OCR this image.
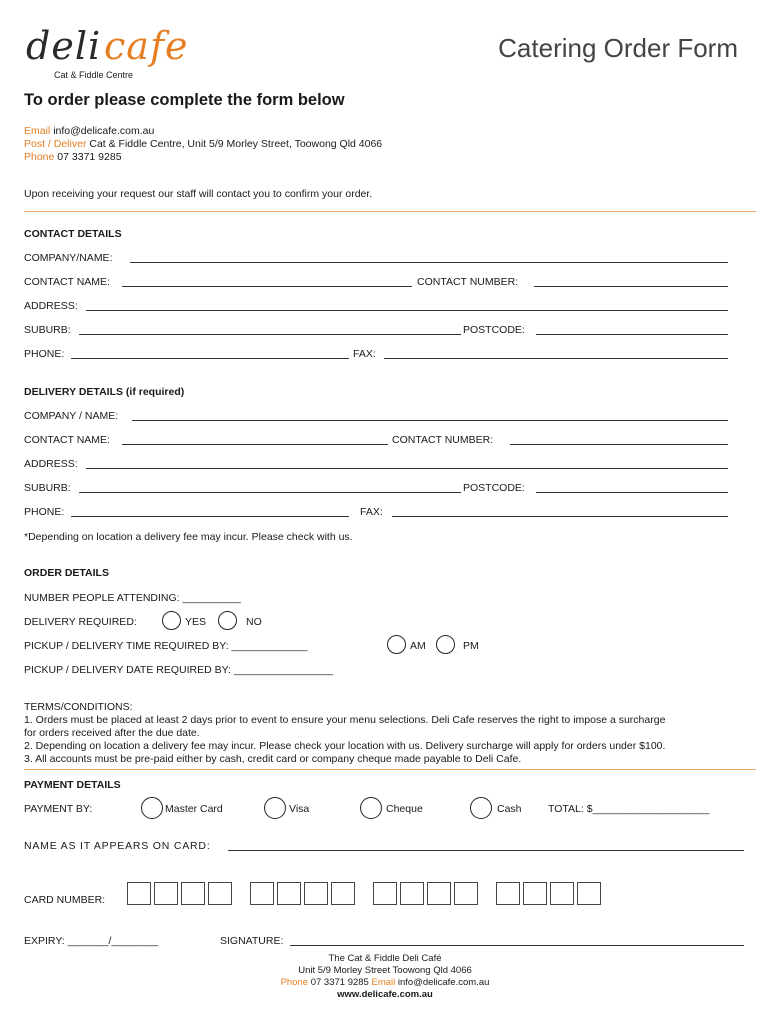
deli cafe
Cat & Fiddle Centre
Catering Order Form
To order please complete the form below
Email info@delicafe.com.au
Post / Deliver Cat & Fiddle Centre, Unit 5/9 Morley Street, Toowong Qld 4066
Phone 07 3371 9285
Upon receiving your request our staff will contact you to confirm your order.
CONTACT DETAILS
COMPANY/NAME:
CONTACT NAME:	CONTACT NUMBER:
ADDRESS:
SUBURB:	POSTCODE:
PHONE:	FAX:
DELIVERY DETAILS (if required)
COMPANY / NAME:
CONTACT NAME:	CONTACT NUMBER:
ADDRESS:
SUBURB:	POSTCODE:
PHONE:	FAX:
*Depending on location a delivery fee may incur. Please check with us.
ORDER DETAILS
NUMBER PEOPLE ATTENDING: __________
DELIVERY REQUIRED:	YES	NO
PICKUP / DELIVERY TIME REQUIRED BY: _____________	AM	PM
PICKUP / DELIVERY DATE REQUIRED BY: _________________
TERMS/CONDITIONS:
1. Orders must be placed at least 2 days prior to event to ensure your menu selections. Deli Cafe reserves the right to impose a surcharge
for orders received after the due date.
2. Depending on location a delivery fee may incur. Please check your location with us. Delivery surcharge will apply for orders under $100.
3. All accounts must be pre-paid either by cash, credit card or company cheque made payable to Deli Cafe.
PAYMENT DETAILS
PAYMENT BY:	Master Card	Visa	Cheque	Cash	TOTAL: $____________________
NAME AS IT APPEARS ON CARD:
CARD NUMBER:
EXPIRY: _______/________	SIGNATURE:
The Cat & Fiddle Deli Café
Unit 5/9 Morley Street Toowong Qld 4066
Phone 07 3371 9285 Email info@delicafe.com.au
www.delicafe.com.au
